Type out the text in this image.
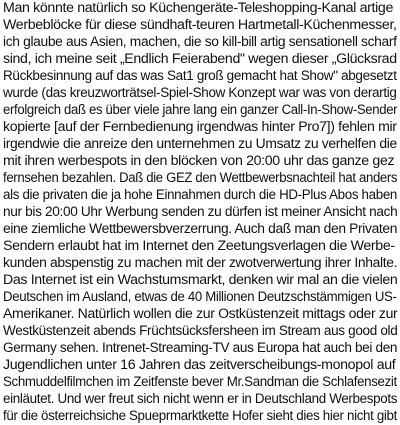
Man könnte natürlich so Küchengeräte-Teleshopping-Kanal artige
Werbeblöcke für diese sündhaft-teuren Hartmetall-Küchenmesser,
ich glaube aus Asien, machen, die so kill-bill artig sensationell scharf
sind, ich meine seit „Endlich Feierabend" wegen dieser „Glücksrad
Rückbesinnung auf das was Sat1 groß gemacht hat Show" abgesetzt
wurde (das kreuzworträtsel-Spiel-Show Konzept war was von derartig
erfolgreich daß es über viele jahre lang ein ganzer Call-In-Show-Sender
kopierte [auf der Fernbedienung irgendwas hinter Pro7]) fehlen mir
irgendwie die anreize den unternehmen zu Umsatz zu verhelfen die
mit ihren werbespots in den blöcken von 20:00 uhr das ganze gez
fernsehen bezahlen. Daß die GEZ den Wettbewerbsnachteil hat anders
als die privaten die ja hohe Einnahmen durch die HD-Plus Abos haben
nur bis 20:00 Uhr Werbung senden zu dürfen ist meiner Ansicht nach
eine ziemliche Wettbewersbverzerrung. Auch daß man den Privaten
Sendern erlaubt hat im Internet den Zeetungsverlagen die Werbe-
kunden abspenstig zu machen mit der zwotverwertung ihrer Inhalte.
Das Internet ist ein Wachstumsmarkt, denken wir mal an die vielen
Deutschen im Ausland, etwas de 40 Millionen Deutzschstämmigen US-
Amerikaner. Natürlich wollen die zur Ostküstenzeit mittags oder zur
Westküstenzeit abends Früchtsücksfersheen im Stream aus good old
Germany sehen. Intrenet-Streaming-TV aus Europa hat auch bei den
Jugendlichen unter 16 Jahren das zeitverscheibungs-monopol auf
Schmuddelfilmchen im Zeitfenste bever Mr.Sandman die Schlafensezit
einläutet. Und wer freut sich nicht wenn er in Deutschland Werbespots
für die österreichsiche Spueprmarktkette Hofer sieht dies hier nicht gibt
